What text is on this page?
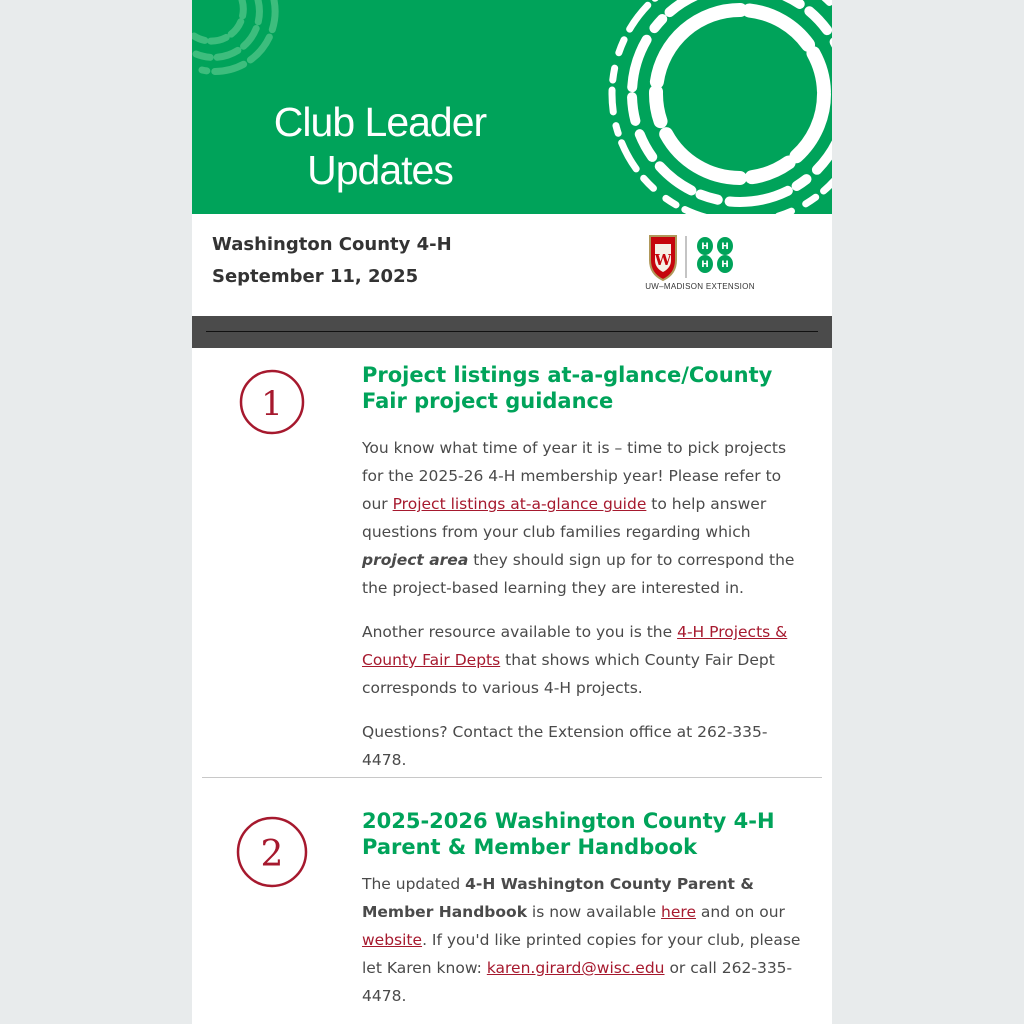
Club Leader
Updates
Washington County 4-H
September 11, 2025
W
H H
H H
UW–MADISON EXTENSION
1
Project listings at-a-glance/County Fair project guidance

You know what time of year it is – time to pick projects for the 2025-26 4-H membership year! Please refer to our Project listings at-a-glance guide to help answer questions from your club families regarding which project area they should sign up for to correspond the the project-based learning they are interested in.

Another resource available to you is the 4-H Projects & County Fair Depts that shows which County Fair Dept corresponds to various 4-H projects.

Questions? Contact the Extension office at 262-335-4478.

2
2025-2026 Washington County 4-H Parent & Member Handbook

The updated 4-H Washington County Parent & Member Handbook is now available here and on our website. If you'd like printed copies for your club, please let Karen know: karen.girard@wisc.edu or call 262-335-4478.
